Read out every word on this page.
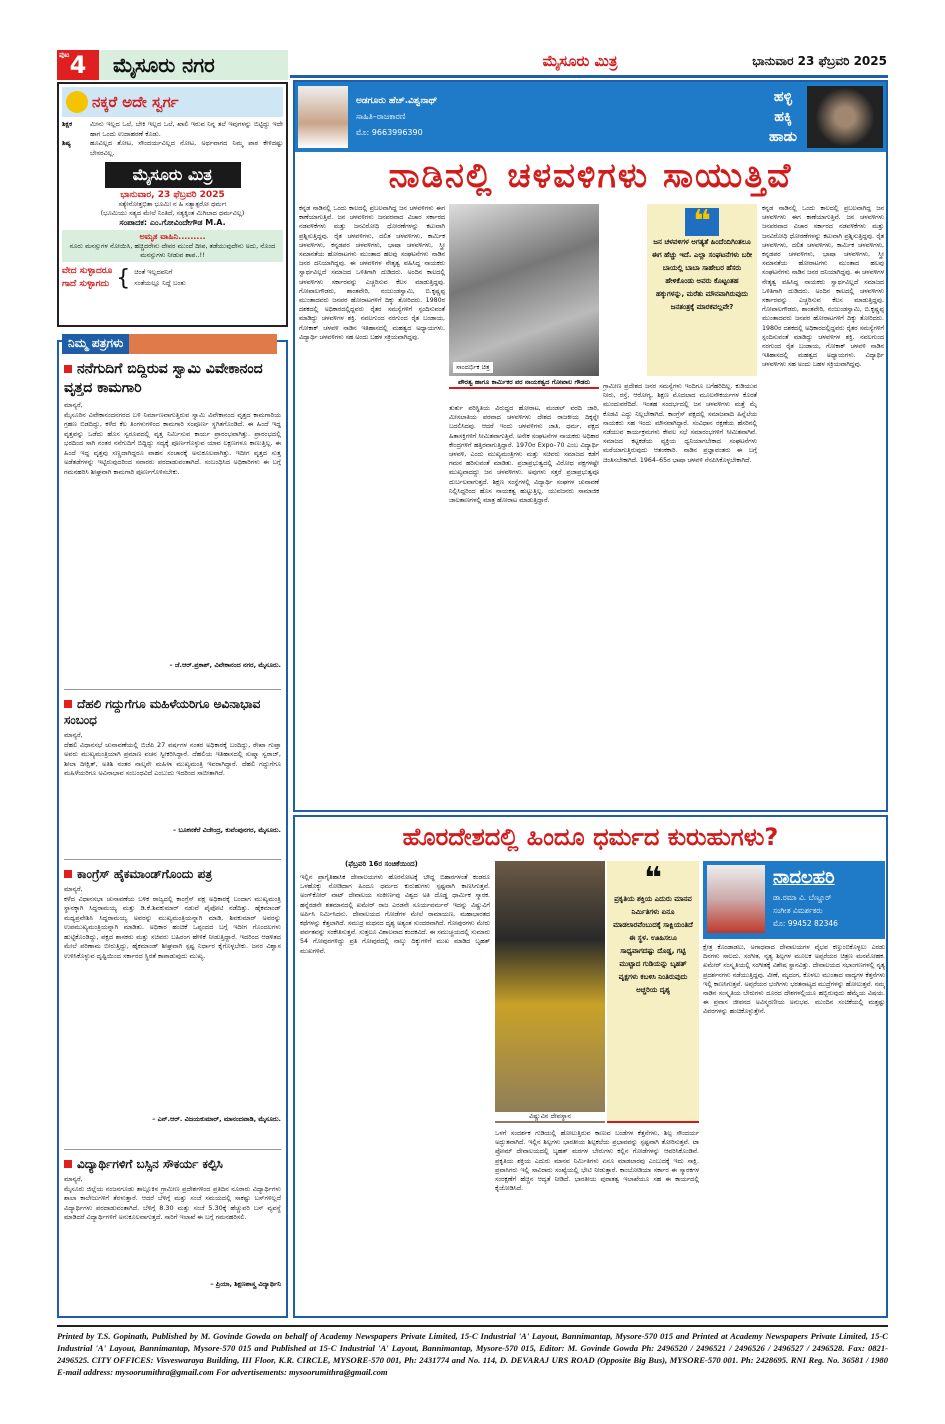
ಪುಟ 4 ಮೈಸೂರು ನಗರ	ಮೈಸೂರು ಮಿತ್ರ	ಭಾನುವಾರ 23 ಫೆಬ್ರವರಿ 2025
ನಕ್ಕರೆ ಅದೇ ಸ್ವರ್ಗ
ಶಿಕ್ಷಕ	ಮೀನು ಇಲ್ಲದ ಒಲೆ, ಬೇಕಿ ಇಲ್ಲದ ಒಲೆ, ಖಾಲಿ ಇರುವ ನಿನ್ನ ತಲೆ ಇವುಗಳನ್ನು ಬಿಟ್ಟಿದ್ದು ಇದೇ ಹಾಗ ಒಂದು ಉದಾಹರಣೆ ಕೊಡು.
ಶಿಷ್ಯ	ಹೂವಿಲ್ಲದ ತೋಟ, ಸೌಂದರ್ಯವಿಲ್ಲದ ನೋಟ, ಅರ್ಥವಾಗದ ನಿಮ್ಮ ಪಾಠ ಕೇಳಿದಷ್ಟು ಬೇಸರವಿಲ್ಲ.
ಮೈಸೂರು ಮಿತ್ರ
ಭಾನುವಾರ, 23 ಫೆಬ್ರವರಿ 2025
ಸತ್ಯೇನೋತ್ತಭಿತಾ ಭೂಮಿಃ ನ ಹಿ ಸತ್ಯಾತ್ಪರೋ ಧರ್ಮಃ
(ಭೂಮಿಯು ಸತ್ಯದ ಮೇಲೆ ನಿಂತಿದೆ, ಸತ್ಯಕ್ಕಿಂತ ಮಿಗಿಲಾದ ಧರ್ಮವಿಲ್ಲ)
ಸಂಪಾದಕ: ಎಂ.ಗೋವಿಂದೇಗೌಡ M.A.
ಅಮೃತ ವಾಹಿನಿ.........
ನೂರು ಮನಸ್ಸುಗಳ ನೋಯಿಸಿ, ಹಚ್ಚಿದರೇನು ದೇವರ ಮುಂದೆ ದೀಪ, ತಡೆಯುವುದೇನು ಅದು, ನೊಂದ ಮನಸ್ಸುಗಳು ನೀಡುವ ಶಾಪ..!!
ವೇದ ಸುಳ್ಳಾದರೂ
ಗಾದೆ ಸುಳ್ಳಾಗದು { ಚಿಂತೆ ಇಲ್ಲದವನಿಗೆ
ಸಂತೆಯಲ್ಲೂ ನಿದ್ದೆ ಬಂತು
ನಿಮ್ಮ ಪತ್ರಗಳು
ನನೆಗುದಿಗೆ ಬಿದ್ದಿರುವ ಸ್ವಾಮಿ ವಿವೇಕಾನಂದ ವೃತ್ತದ ಕಾಮಗಾರಿ
ಮಾನ್ಯರೆ,
ಮೈಸೂರಿನ ವಿವೇಕಾನಂದನಗರದ ಬಳಿ ನಿರ್ಮಾಣವಾಗುತ್ತಿರುವ ಸ್ವಾಮಿ ವಿವೇಕಾನಂದ ವೃತ್ತದ ಕಾಮಗಾರಿಯ ಗ್ರಹಣ ಬಿಡದಿದ್ದು, ಕಳೆದ ಕೆಲ ತಿಂಗಳುಗಳಿಂದ ಕಾಮಗಾರಿ ಸಂಪೂರ್ಣ ಸ್ಥಗಿತಗೊಂಡಿದೆ. ಈ ಹಿಂದೆ ಇದ್ದ ವೃತ್ತವನ್ನು ಒಡೆದು ಹೊಸ ಸ್ವರೂಪದಲ್ಲಿ ವೃತ್ತ ನಿರ್ಮಿಸುವ ಕಾರ್ಯ ಪ್ರಾರಂಭವಾಗಿತ್ತು. ಪ್ರಾರಂಭದಲ್ಲಿ ಭರದಿಂದ ಸಾಗಿ ನಂತರ ನನೆಗುದಿಗೆ ಬಿದ್ದಿದ್ದು ಸದ್ಯಕ್ಕೆ ಪೂರ್ಣಗೊಳ್ಳುವ ಯಾವ ಲಕ್ಷಣಗಳೂ ಕಾಣುತ್ತಿಲ್ಲ. ಈ ಹಿಂದೆ ಇದ್ದ ವೃತ್ತವು ಸಣ್ಣದಾಗಿದ್ದರೂ ವಾಹನ ಸಂಚಾರಕ್ಕೆ ಅನುಕೂಲವಾಗಿತ್ತು. ಇದೀಗ ವೃತ್ತದ ಸುತ್ತ ಅಡೆತಡೆಗಳನ್ನು ಇಟ್ಟಿರುವುದರಿಂದ ಸವಾರರು ಪರದಾಡುವಂತಾಗಿದೆ. ಸಂಬಂಧಿಸಿದ ಅಧಿಕಾರಿಗಳು ಈ ಬಗ್ಗೆ ಗಮನಹರಿಸಿ ಶೀಘ್ರವಾಗಿ ಕಾಮಗಾರಿ ಪೂರ್ಣಗೊಳಿಸಬೇಕು.
– ಜೆ.ಆರ್.ಪ್ರಕಾಶ್, ವಿವೇಕಾನಂದ ನಗರ, ಮೈಸೂರು.
ದೆಹಲಿ ಗದ್ದುಗೆಗೂ ಮಹಿಳೆಯರಿಗೂ ಅವಿನಾಭಾವ ಸಂಬಂಧ
ಮಾನ್ಯರೆ,
ದೆಹಲಿ ವಿಧಾನಸಭೆ ಚುನಾವಣೆಯಲ್ಲಿ ಬಿಜೆಪಿ 27 ವರ್ಷಗಳ ನಂತರ ಅಧಿಕಾರಕ್ಕೆ ಬಂದಿದ್ದು, ರೇಖಾ ಗುಪ್ತಾ ಅವರು ಮುಖ್ಯಮಂತ್ರಿಯಾಗಿ ಪ್ರಮಾಣ ವಚನ ಸ್ವೀಕರಿಸಿದ್ದಾರೆ. ದೆಹಲಿಯ ಇತಿಹಾಸದಲ್ಲಿ ಸುಷ್ಮಾ ಸ್ವರಾಜ್, ಶೀಲಾ ದೀಕ್ಷಿತ್, ಅತಿಶಿ ನಂತರ ನಾಲ್ಕನೇ ಮಹಿಳಾ ಮುಖ್ಯಮಂತ್ರಿ ಇವರಾಗಿದ್ದಾರೆ. ದೆಹಲಿ ಗದ್ದುಗೆಗೂ ಮಹಿಳೆಯರಿಗೂ ಅವಿನಾಭಾವ ಸಂಬಂಧವಿದೆ ಎಂಬುದು ಇದರಿಂದ ಸಾಬೀತಾಗಿದೆ.
– ಬೂಕನಕೆರೆ ವಿಜೇಂದ್ರ, ಕುವೆಂಪುನಗರ, ಮೈಸೂರು.
ಕಾಂಗ್ರೆಸ್ ಹೈಕಮಾಂಡ್‌ಗೊಂದು ಪತ್ರ
ಮಾನ್ಯರೆ,
ಕಳೆದ ವಿಧಾನಸಭಾ ಚುನಾವಣೆಯ ಬಳಿಕ ರಾಜ್ಯದಲ್ಲಿ ಕಾಂಗ್ರೆಸ್ ಪಕ್ಷ ಅಧಿಕಾರಕ್ಕೆ ಬಂದಾಗ ಮುಖ್ಯಮಂತ್ರಿ ಸ್ಥಾನಕ್ಕಾಗಿ ಸಿದ್ದರಾಮಯ್ಯ ಮತ್ತು ಡಿ.ಕೆ.ಶಿವಕುಮಾರ್ ನಡುವೆ ಪೈಪೋಟಿ ನಡೆದಿತ್ತು. ಹೈಕಮಾಂಡ್ ಮಧ್ಯಪ್ರವೇಶಿಸಿ ಸಿದ್ದರಾಮಯ್ಯ ಅವರನ್ನು ಮುಖ್ಯಮಂತ್ರಿಯನ್ನಾಗಿ ಮಾಡಿ, ಶಿವಕುಮಾರ್ ಅವರನ್ನು ಉಪಮುಖ್ಯಮಂತ್ರಿಯನ್ನಾಗಿ ಮಾಡಿತು. ಅಧಿಕಾರ ಹಂಚಿಕೆ ಒಪ್ಪಂದದ ಬಗ್ಗೆ ಇದೀಗ ಗೊಂದಲಗಳು ಹುಟ್ಟಿಕೊಂಡಿದ್ದು, ಪಕ್ಷದ ಶಾಸಕರು ಮತ್ತು ಸಚಿವರು ಬಹಿರಂಗ ಹೇಳಿಕೆ ನೀಡುತ್ತಿದ್ದಾರೆ. ಇದರಿಂದ ಆಡಳಿತದ ಮೇಲೆ ಪರಿಣಾಮ ಬೀರುತ್ತಿದ್ದು, ಹೈಕಮಾಂಡ್ ಶೀಘ್ರವಾಗಿ ಸ್ಪಷ್ಟ ನಿರ್ಧಾರ ಕೈಗೊಳ್ಳಬೇಕು. ಜನರ ವಿಶ್ವಾಸ ಉಳಿಸಿಕೊಳ್ಳುವ ದೃಷ್ಟಿಯಿಂದ ಸರ್ಕಾರದ ಸ್ಥಿರತೆ ಕಾಪಾಡುವುದು ಮುಖ್ಯ.
– ಎನ್.ಆರ್. ವಿಜಯಕುಮಾರ್, ಮಾನಂದವಾಡಿ, ಮೈಸೂರು.
ವಿದ್ಯಾರ್ಥಿಗಳಿಗೆ ಬಸ್ಸಿನ ಸೌಕರ್ಯ ಕಲ್ಪಿಸಿ
ಮಾನ್ಯರೆ,
ಮೈಸೂರು ಜಿಲ್ಲೆಯ ನಂಜನಗೂಡು ತಾಲ್ಲೂಕಿನ ಗ್ರಾಮೀಣ ಪ್ರದೇಶಗಳಿಂದ ಪ್ರತಿದಿನ ನೂರಾರು ವಿದ್ಯಾರ್ಥಿಗಳು ಶಾಲಾ ಕಾಲೇಜುಗಳಿಗೆ ತೆರಳುತ್ತಾರೆ. ಆದರೆ ಬೆಳಿಗ್ಗೆ ಮತ್ತು ಸಂಜೆ ಸಮಯದಲ್ಲಿ ಸಾಕಷ್ಟು ಬಸ್‌ಗಳಿಲ್ಲದೆ ವಿದ್ಯಾರ್ಥಿಗಳು ಪರದಾಡುವಂತಾಗಿದೆ. ಬೆಳಿಗ್ಗೆ 8.30 ಮತ್ತು ಸಂಜೆ 5.30ಕ್ಕೆ ಹೆಚ್ಚುವರಿ ಬಸ್ ವ್ಯವಸ್ಥೆ ಮಾಡಿದರೆ ವಿದ್ಯಾರ್ಥಿಗಳಿಗೆ ಅನುಕೂಲವಾಗುತ್ತದೆ. ಸಾರಿಗೆ ಇಲಾಖೆ ಈ ಬಗ್ಗೆ ಗಮನಹರಿಸಲಿ.
– ಪ್ರಿಯಾ, ಶಿಕ್ಷಣಶಾಸ್ತ್ರ ವಿದ್ಯಾರ್ಥಿನಿ
ಅಡಗೂರು ಹೆಚ್.ವಿಶ್ವನಾಥ್
ಸಾಹಿತಿ–ರಾಜಕಾರಣಿ
ಮೊ: 9663996390
ಹಳ್ಳಿ
ಹಕ್ಕಿ
ಹಾಡು
ನಾಡಿನಲ್ಲಿ ಚಳವಳಿಗಳು ಸಾಯುತ್ತಿವೆ
ಕನ್ನಡ ನಾಡಿನಲ್ಲಿ ಒಂದು ಕಾಲದಲ್ಲಿ ಪ್ರಬಲವಾಗಿದ್ದ ಜನ ಚಳವಳಿಗಳು ಈಗ ಕಾಣೆಯಾಗುತ್ತಿವೆ. ಜನ ಚಳವಳಿಗಳು ಜನಪರವಾದ ವಿಚಾರ ಸರ್ಕಾರದ ನಡವಳಿಕೆಗಳು ಮತ್ತು ಜನವಿರೋಧಿ ಧೋರಣೆಗಳನ್ನು ಕಟುವಾಗಿ ಪ್ರಶ್ನಿಸುತ್ತಿದ್ದವು. ರೈತ ಚಳವಳಿಗಳು, ದಲಿತ ಚಳವಳಿಗಳು, ಕಾರ್ಮಿಕ ಚಳವಳಿಗಳು, ಕನ್ನಡಪರ ಚಳವಳಿಗಳು, ಭಾಷಾ ಚಳವಳಿಗಳು, ಸ್ತ್ರೀ ಸಮಾನತೆಯ ಹೋರಾಟಗಳು ಮುಂತಾದ ಹಲವು ಸಂಘಟನೆಗಳು ನಾಡಿನ ಜನರ ದನಿಯಾಗಿದ್ದವು. ಈ ಚಳವಳಿಗಳ ನೇತೃತ್ವ ವಹಿಸಿದ್ದ ನಾಯಕರು ಸ್ವಾರ್ಥವಿಲ್ಲದೆ ಸಮಾಜದ ಒಳಿತಿಗಾಗಿ ದುಡಿದರು. ಅಂದಿನ ಕಾಲದಲ್ಲಿ ಚಳವಳಿಗಳು ಸರ್ಕಾರವನ್ನು ಎಚ್ಚರಿಸುವ ಕೆಲಸ ಮಾಡುತ್ತಿದ್ದವು. ಗೋಪಾಲಗೌಡರು, ಶಾಂತವೇರಿ, ನಂಜುಂಡಸ್ವಾಮಿ, ಬಿ.ಕೃಷ್ಣಪ್ಪ ಮುಂತಾದವರು ಜನಪರ ಹೋರಾಟಗಳಿಗೆ ದಿಕ್ಕು ತೋರಿದರು. 1980ರ ದಶಕದಲ್ಲಿ ಅಧಿಕಾರದಲ್ಲಿದ್ದವರು ರೈತರ ಸಮಸ್ಯೆಗಳಿಗೆ ಸ್ಪಂದಿಸುವಂತೆ ಮಾಡಿದ್ದು ಚಳವಳಿಗಳ ಶಕ್ತಿ. ನವಲಗುಂದ ನರಗುಂದ ರೈತ ಬಂಡಾಯ, ಗೋಕಾಕ್ ಚಳವಳಿ ನಾಡಿನ ಇತಿಹಾಸದಲ್ಲಿ ಮಹತ್ವದ ಅಧ್ಯಾಯಗಳು. ವಿದ್ಯಾರ್ಥಿ ಚಳವಳಿಗಳು ಸಹ ಅಂದು ಬಹಳ ಸಕ್ರಿಯವಾಗಿದ್ದವು.
ಸಾಂದರ್ಭಿಕ ಚಿತ್ರ
ಪೌರತ್ವ ಹಾಗೂ ಕಾರ್ಮಿಕರ ಪರ ನಾಯಕತ್ವದ ಗೋಪಾಲ ಗೌಡರು
ತುರ್ತು ಪರಿಸ್ಥಿತಿಯ ವಿರುದ್ಧದ ಹೋರಾಟ, ಮಂಡಲ್ ವರದಿ ಜಾರಿ, ಮೀಸಲಾತಿಯ ಪರವಾದ ಚಳವಳಿಗಳು ದೇಶದ ರಾಜಕೀಯ ದಿಕ್ಕನ್ನೇ ಬದಲಿಸಿದವು. ಆದರೆ ಇಂದು ಚಳವಳಿಗಳು ಜಾತಿ, ಧರ್ಮ, ಪಕ್ಷದ ಹಿತಾಸಕ್ತಿಗಳಿಗೆ ಸೀಮಿತವಾಗುತ್ತಿವೆ. ಅನೇಕ ಸಂಘಟನೆಗಳ ನಾಯಕರು ಅಧಿಕಾರ ಕೇಂದ್ರಗಳಿಗೆ ಹತ್ತಿರವಾಗುತ್ತಿದ್ದಾರೆ. 1970ರ Expo–70 ಎಂಬ ವಿದ್ಯಾರ್ಥಿ ಚಳವಳಿ, ಎಂದು ಮುಖ್ಯಮಂತ್ರಿಗಳು ಮತ್ತು ಸಚಿವರು ಸಮಾಜದ ಕಡೆಗೆ ಗಮನ ಹರಿಸುವಂತೆ ಮಾಡಿತು. ಪ್ರಜಾಪ್ರಭುತ್ವದಲ್ಲಿ ವಿರೋಧ ಪಕ್ಷಗಳಷ್ಟೇ ಮುಖ್ಯವಾದದ್ದು ಜನ ಚಳವಳಿಗಳು. ಅವುಗಳು ಸತ್ತರೆ ಪ್ರಜಾಪ್ರಭುತ್ವವೂ ದುರ್ಬಲವಾಗುತ್ತದೆ. ಶಿಕ್ಷಣ ಸಂಸ್ಥೆಗಳಲ್ಲಿ ವಿದ್ಯಾರ್ಥಿ ಸಂಘಗಳ ಚುನಾವಣೆ ನಿಲ್ಲಿಸಿದ್ದರಿಂದ ಹೊಸ ನಾಯಕತ್ವ ಹುಟ್ಟುತ್ತಿಲ್ಲ. ಯುವಜನರು ಸಾಮಾಜಿಕ ಜಾಲತಾಣಗಳಲ್ಲಿ ಮಾತ್ರ ಹೋರಾಟ ಮಾಡುತ್ತಿದ್ದಾರೆ.
❝
ಜನ ಚಳವಳಿಗಳ ಅಗತ್ಯತೆ ಹಿಂದೆಂದಿಗಿಂತಲೂ ಈಗ ಹೆಚ್ಚು ಇದೆ. ಎಲ್ಲಾ ಸಂಘಟನೆಗಳು ಬರೀ ಬಾಯಲ್ಲಿ ಬಾಬಾ ಸಾಹೇಬರ ಹೆಸರು ಹೇಳಿಕೊಂಡು ಅವರು ಕೊಟ್ಟಂತಹ ಹಕ್ಕುಗಳನ್ನು, ಮರೆತು ಮೌನವಾಗಿರುವುದು ಜನತಂತ್ರಕ್ಕೆ ಮಾರಕವಲ್ಲವೇ?
ಗ್ರಾಮೀಣ ಪ್ರದೇಶದ ಜನರ ಸಮಸ್ಯೆಗಳು ಇಂದಿಗೂ ಬಗೆಹರಿದಿಲ್ಲ. ಕುಡಿಯುವ ನೀರು, ರಸ್ತೆ, ಆರೋಗ್ಯ, ಶಿಕ್ಷಣ ಮೊದಲಾದ ಮೂಲಸೌಕರ್ಯಗಳ ಕೊರತೆ ಮುಂದುವರೆದಿದೆ. ಇಂತಹ ಸಂದರ್ಭದಲ್ಲಿ ಜನ ಚಳವಳಿಗಳು ಮತ್ತೆ ಮೈ ಕೊಡವಿ ಎದ್ದು ನಿಲ್ಲಬೇಕಾಗಿದೆ. ಕಾಂಗ್ರೆಸ್ ಪಕ್ಷದಲ್ಲಿ ಸಮಾಜವಾದಿ ಹಿನ್ನೆಲೆಯ ನಾಯಕರು ಸಹ ಇಂದು ಮೌನವಾಗಿದ್ದಾರೆ. ಸಂವಿಧಾನ ರಕ್ಷಣೆಯ ಹೆಸರಿನಲ್ಲಿ ನಡೆಯುವ ಕಾರ್ಯಕ್ರಮಗಳು ಕೇವಲ ಸಭೆ ಸಮಾರಂಭಗಳಿಗೆ ಸೀಮಿತವಾಗಿವೆ. ಸಮಾಜದ ಕಟ್ಟಕಡೆಯ ವ್ಯಕ್ತಿಯ ಧ್ವನಿಯಾಗಬೇಕಾದ ಸಂಘಟನೆಗಳು ಮರೆಯಾಗುತ್ತಿರುವುದು ಆತಂಕಕಾರಿ. ನಾಡಿನ ಪ್ರಜ್ಞಾವಂತರು ಈ ಬಗ್ಗೆ ಚಿಂತಿಸಬೇಕಾಗಿದೆ. 1964–65ರ ಭಾಷಾ ಚಳವಳಿ ನೆನಪಿಸಿಕೊಳ್ಳಬೇಕಾಗಿದೆ.
ಕನ್ನಡ ನಾಡಿನಲ್ಲಿ ಒಂದು ಕಾಲದಲ್ಲಿ ಪ್ರಬಲವಾಗಿದ್ದ ಜನ ಚಳವಳಿಗಳು ಈಗ ಕಾಣೆಯಾಗುತ್ತಿವೆ. ಜನ ಚಳವಳಿಗಳು ಜನಪರವಾದ ವಿಚಾರ ಸರ್ಕಾರದ ನಡವಳಿಕೆಗಳು ಮತ್ತು ಜನವಿರೋಧಿ ಧೋರಣೆಗಳನ್ನು ಕಟುವಾಗಿ ಪ್ರಶ್ನಿಸುತ್ತಿದ್ದವು. ರೈತ ಚಳವಳಿಗಳು, ದಲಿತ ಚಳವಳಿಗಳು, ಕಾರ್ಮಿಕ ಚಳವಳಿಗಳು, ಕನ್ನಡಪರ ಚಳವಳಿಗಳು, ಭಾಷಾ ಚಳವಳಿಗಳು, ಸ್ತ್ರೀ ಸಮಾನತೆಯ ಹೋರಾಟಗಳು ಮುಂತಾದ ಹಲವು ಸಂಘಟನೆಗಳು ನಾಡಿನ ಜನರ ದನಿಯಾಗಿದ್ದವು. ಈ ಚಳವಳಿಗಳ ನೇತೃತ್ವ ವಹಿಸಿದ್ದ ನಾಯಕರು ಸ್ವಾರ್ಥವಿಲ್ಲದೆ ಸಮಾಜದ ಒಳಿತಿಗಾಗಿ ದುಡಿದರು. ಅಂದಿನ ಕಾಲದಲ್ಲಿ ಚಳವಳಿಗಳು ಸರ್ಕಾರವನ್ನು ಎಚ್ಚರಿಸುವ ಕೆಲಸ ಮಾಡುತ್ತಿದ್ದವು. ಗೋಪಾಲಗೌಡರು, ಶಾಂತವೇರಿ, ನಂಜುಂಡಸ್ವಾಮಿ, ಬಿ.ಕೃಷ್ಣಪ್ಪ ಮುಂತಾದವರು ಜನಪರ ಹೋರಾಟಗಳಿಗೆ ದಿಕ್ಕು ತೋರಿದರು. 1980ರ ದಶಕದಲ್ಲಿ ಅಧಿಕಾರದಲ್ಲಿದ್ದವರು ರೈತರ ಸಮಸ್ಯೆಗಳಿಗೆ ಸ್ಪಂದಿಸುವಂತೆ ಮಾಡಿದ್ದು ಚಳವಳಿಗಳ ಶಕ್ತಿ. ನವಲಗುಂದ ನರಗುಂದ ರೈತ ಬಂಡಾಯ, ಗೋಕಾಕ್ ಚಳವಳಿ ನಾಡಿನ ಇತಿಹಾಸದಲ್ಲಿ ಮಹತ್ವದ ಅಧ್ಯಾಯಗಳು. ವಿದ್ಯಾರ್ಥಿ ಚಳವಳಿಗಳು ಸಹ ಅಂದು ಬಹಳ ಸಕ್ರಿಯವಾಗಿದ್ದವು.
ಹೊರದೇಶದಲ್ಲಿ ಹಿಂದೂ ಧರ್ಮದ ಕುರುಹುಗಳು?
(ಫೆಬ್ರವರಿ 16ರ ಸಂಚಿಕೆಯಿಂದ)
ಇಲ್ಲಿನ ಪ್ರಾಗೈತಿಹಾಸಿಕ ದೇವಾಲಯಗಳು ಹೊರನೋಟಕ್ಕೆ ಬೌದ್ಧ ಬಿಹಾರಗಳಂತೆ ಕಂಡರೂ ಒಳಹೊಕ್ಕು ನೋಡಿದಾಗ ಹಿಂದೂ ಧರ್ಮದ ಕುರುಹುಗಳು ಸ್ಪಷ್ಟವಾಗಿ ಕಾಣಸಿಗುತ್ತವೆ. ಅಂಗ್‌ಕೋರ್ ವಾಟ್ ದೇವಾಲಯ ಸಂಕೀರ್ಣವು ವಿಶ್ವದ ಅತಿ ದೊಡ್ಡ ಧಾರ್ಮಿಕ ಸ್ಮಾರಕ. ಹನ್ನೆರಡನೇ ಶತಮಾನದಲ್ಲಿ ಖಮೇರ್ ರಾಜ ಎರಡನೇ ಸೂರ್ಯವರ್ಮನ್ ಇದನ್ನು ವಿಷ್ಣುವಿಗೆ ಅರ್ಪಿಸಿ ನಿರ್ಮಿಸಿದನು. ದೇವಾಲಯದ ಗೋಡೆಗಳ ಮೇಲೆ ರಾಮಾಯಣ, ಮಹಾಭಾರತದ ಕಥೆಗಳನ್ನು ಕೆತ್ತಲಾಗಿದೆ. ಸಮುದ್ರ ಮಥನದ ದೃಶ್ಯ ಅತ್ಯಂತ ಸುಂದರವಾಗಿದೆ. ಗೋಪುರಗಳು ಮೇರು ಪರ್ವತವನ್ನು ಸಂಕೇತಿಸುತ್ತವೆ. ಸುತ್ತಲೂ ವಿಶಾಲವಾದ ಕಂದಕವಿದೆ. ಈ ಸಮುಚ್ಚಯದಲ್ಲಿ ಸುಮಾರು 54 ಗೋಪುರಗಳಿದ್ದು ಪ್ರತಿ ಗೋಪುರದಲ್ಲಿ ನಾಲ್ಕು ದಿಕ್ಕುಗಳಿಗೆ ಮುಖ ಮಾಡಿದ ಬೃಹತ್ ಮುಖಗಳಿವೆ.
ವಿಷ್ಣುವಿನ ದೇವಸ್ಥಾನ
❝
ಪ್ರಕೃತಿಯ ಶಕ್ತಿಯ ಎದುರು ಮಾನವ ನಿರ್ಮಿತಿಗಳು ಏನೂ ಮಾಡಲಾರವೆಂಬುದಕ್ಕೆ ಸಾಕ್ಷಿಯಂತಿದೆ ಈ ಸ್ಥಳ. ಊಹಿಸಲೂ ಸಾಧ್ಯವಾಗದಷ್ಟು ದೊಡ್ಡ, ಗಟ್ಟಿ ಮುಟ್ಟಾದ ಗುಡಿಯನ್ನು ಬೃಹತ್ ವೃಕ್ಷಗಳು ಕಬಳಿಸಿ ನಿಂತಿರುವುದು ಅಚ್ಚರಿಯ ದೃಶ್ಯ
ಒಳಗೆ ಸಂದರ್ಶಕ ಗುಡಿಯಲ್ಲಿ ಹೋಲುತ್ತಿರುವ ಕಾಣುವ ಬಂಡೆಗಳ ಕೆತ್ತನೆಗಳು, ಶಿಲ್ಪ ಸೌಂದರ್ಯ ಅದ್ಭುತವಾಗಿದೆ. ಇಲ್ಲಿನ ಶಿಲ್ಪಗಳು ಭಾರತೀಯ ಶಿಲ್ಪಕಲೆಯ ಪ್ರಭಾವವನ್ನು ಸ್ಪಷ್ಟವಾಗಿ ತೋರಿಸುತ್ತವೆ. ಟಾ ಪ್ರೋಮ್ ದೇವಾಲಯದಲ್ಲಿ ಬೃಹತ್ ಮರಗಳ ಬೇರುಗಳು ಕಲ್ಲಿನ ಗೋಡೆಗಳನ್ನು ಆವರಿಸಿಕೊಂಡಿವೆ. ಪ್ರಕೃತಿಯ ಶಕ್ತಿಯ ಎದುರು ಮಾನವ ನಿರ್ಮಿತಿಗಳು ಏನೂ ಮಾಡಲಾರವು ಎಂಬುದಕ್ಕೆ ಇದು ಸಾಕ್ಷಿ. ಪ್ರವಾಸಿಗರು ಇಲ್ಲಿ ಸಾವಿರಾರು ಸಂಖ್ಯೆಯಲ್ಲಿ ಭೇಟಿ ನೀಡುತ್ತಾರೆ. ಕಾಂಬೋಡಿಯಾ ಸರ್ಕಾರ ಈ ಸ್ಮಾರಕಗಳ ಸಂರಕ್ಷಣೆಗೆ ಹೆಚ್ಚಿನ ಆದ್ಯತೆ ನೀಡಿದೆ. ಭಾರತೀಯ ಪುರಾತತ್ವ ಇಲಾಖೆಯೂ ಸಹ ಈ ಕಾರ್ಯದಲ್ಲಿ ಕೈಜೋಡಿಸಿದೆ.
ನಾದಲಹರಿ
ಡಾ.ರಮಾ ವಿ. ಬೆಣ್ಣೂರ್
ಸಂಗೀತ ವಿಮರ್ಶಕರು
ಮೊ: 99452 82346
ಕ್ಷೇತ್ರ ಕೊಂಡಾಡಲು, ಅಗಾಧವಾದ ದೇವಾಲಯಗಳ ವೈಭವ ಕಣ್ತುಂಬಿಕೊಳ್ಳಲು ಎರಡು ದಿನಗಳು ಸಾಲದು. ಸಂಗೀತ, ನೃತ್ಯ ಶಿಲ್ಪಗಳ ಮೂಲಕ ಅಪ್ಸರೆಯರ ಚಿತ್ರಣ ಮನಮೋಹಕ. ಖಮೇರ್ ಸಂಸ್ಕೃತಿಯಲ್ಲಿ ಸಂಗೀತಕ್ಕೆ ವಿಶೇಷ ಸ್ಥಾನವಿತ್ತು. ದೇವಾಲಯದ ಸಭಾಂಗಣಗಳಲ್ಲಿ ನೃತ್ಯ ಪ್ರದರ್ಶನಗಳು ನಡೆಯುತ್ತಿದ್ದವು. ವೀಣೆ, ಮೃದಂಗ, ಕೊಳಲು ಮುಂತಾದ ವಾದ್ಯಗಳ ಕೆತ್ತನೆಗಳು ಇಲ್ಲಿ ಕಾಣಸಿಗುತ್ತವೆ. ಅಪ್ಸರೆಯರ ಭಂಗಿಗಳು ಭರತನಾಟ್ಯದ ಮುದ್ರೆಗಳನ್ನು ಹೋಲುತ್ತವೆ. ನಮ್ಮ ನಾಡಿನ ಸಂಸ್ಕೃತಿಯ ಬೇರುಗಳು ದೂರದ ದೇಶಗಳಲ್ಲಿಯೂ ಹಬ್ಬಿರುವುದು ಹೆಮ್ಮೆಯ ವಿಷಯ. ಈ ಪ್ರವಾಸ ಜೀವನದ ಅವಿಸ್ಮರಣೀಯ ಅನುಭವ. ಮುಂದಿನ ಸಂಚಿಕೆಯಲ್ಲಿ ಮತ್ತಷ್ಟು ವಿವರಗಳನ್ನು ಹಂಚಿಕೊಳ್ಳುತ್ತೇನೆ.
Printed by T.S. Gopinath, Published by M. Govinde Gowda on behalf of Academy Newspapers Private Limited, 15-C Industrial 'A' Layout, Bannimantap, Mysore-570 015 and Printed at Academy Newspapers Private Limited, 15-C Industrial 'A' Layout, Bannimantap, Mysore-570 015 and Published at 15-C Industrial 'A' Layout, Bannimantap, Mysore-570 015, Editor: M. Govinde Gowda Ph: 2496520 / 2496521 / 2496526 / 2496527 / 2496528. Fax: 0821-2496525. CITY OFFICES: Visveswaraya Building, III Floor, K.R. CIRCLE, MYSORE-570 001, Ph: 2431774 and No. 114, D. DEVARAJ URS ROAD (Opposite Big Bus), MYSORE-570 001. Ph: 2428695. RNI Reg. No. 36581 / 1980 E-mail address: mysoorumithra@gmail.com For advertisements: mysoorumithra@gmail.com
